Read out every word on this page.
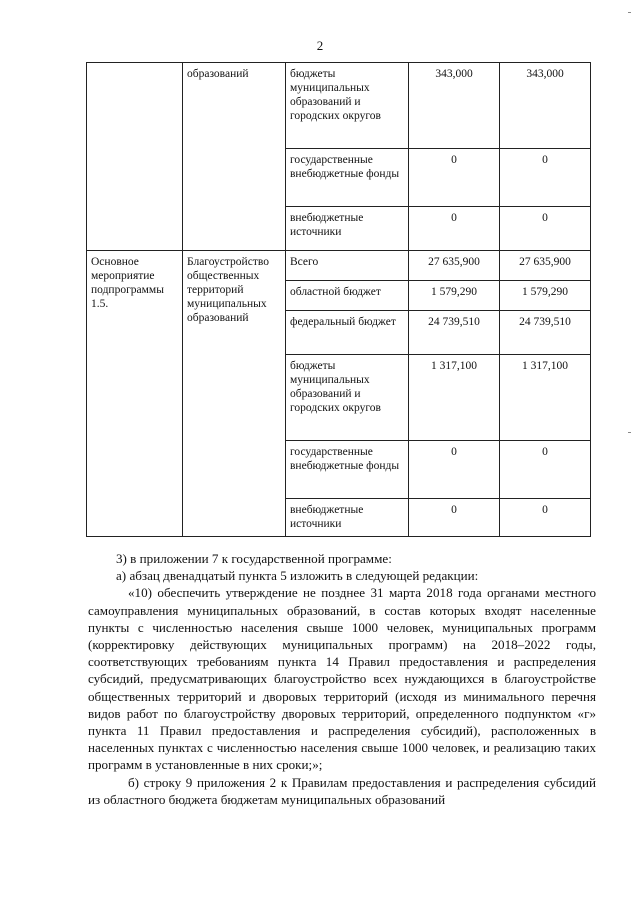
2
	образований	бюджеты муниципальных образований и городских округов	343,000	343,000
		государственные внебюджетные фонды	0	0
		внебюджетные источники	0	0
Основное мероприятие подпрограммы 1.5.	Благоустройство общественных территорий муниципальных образований	Всего	27 635,900	27 635,900
		областной бюджет	1 579,290	1 579,290
		федеральный бюджет	24 739,510	24 739,510
		бюджеты муниципальных образований и городских округов	1 317,100	1 317,100
		государственные внебюджетные фонды	0	0
		внебюджетные источники	0	0

3) в приложении 7 к государственной программе:

а) абзац двенадцатый пункта 5 изложить в следующей редакции:

«10) обеспечить утверждение не позднее 31 марта 2018 года органами местного самоуправления муниципальных образований, в состав которых входят населенные пункты с численностью населения свыше 1000 человек, муниципальных программ (корректировку действующих муниципальных программ) на 2018–2022 годы, соответствующих требованиям пункта 14 Правил предоставления и распределения субсидий, предусматривающих благоустройство всех нуждающихся в благоустройстве общественных территорий и дворовых территорий (исходя из минимального перечня видов работ по благоустройству дворовых территорий, определенного подпунктом «г» пункта 11 Правил предоставления и распределения субсидий), расположенных в населенных пунктах с численностью населения свыше 1000 человек, и реализацию таких программ в установленные в них сроки;»;

б) строку 9 приложения 2 к Правилам предоставления и распределения субсидий из областного бюджета бюджетам муниципальных образований
